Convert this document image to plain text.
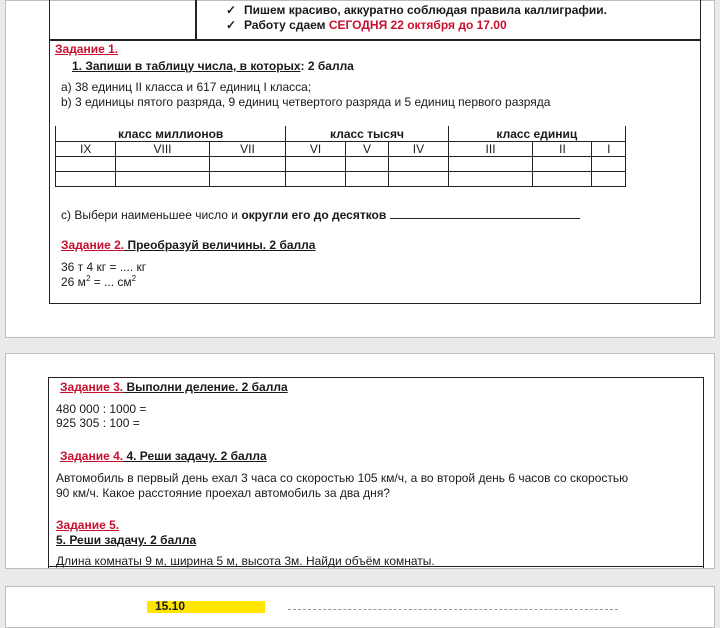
✓ Пишем красиво, аккуратно соблюдая правила каллиграфии.
✓ Работу сдаем СЕГОДНЯ 22 октября до 17.00
Задание 1.
1. Запиши в таблицу числа, в которых: 2 балла
а) 38 единиц II класса и 617 единиц I класса;
b) 3 единицы пятого разряда, 9 единиц четвертого разряда и 5 единиц первого разряда
класс миллионов			класс тысяч			класс единиц		
IX	VIII	VII	VI	V	IV	III	II	I

c) Выбери наименьшее число и округли его до десятков
Задание 2. Преобразуй величины. 2 балла
36 т 4 кг = .... кг
26 $м^2$ = ... $см^2$
Задание 3. Выполни деление. 2 балла
480 000 : 1000 =
925 305 : 100 =
Задание 4. 4. Реши задачу. 2 балла
Автомобиль в первый день ехал 3 часа со скоростью 105 км/ч, а во второй день 6 часов со скоростью
90 км/ч. Какое расстояние проехал автомобиль за два дня?
Задание 5.
5. Реши задачу. 2 балла
Длина комнаты 9 м, ширина 5 м, высота 3м. Найди объём комнаты.
15.10
